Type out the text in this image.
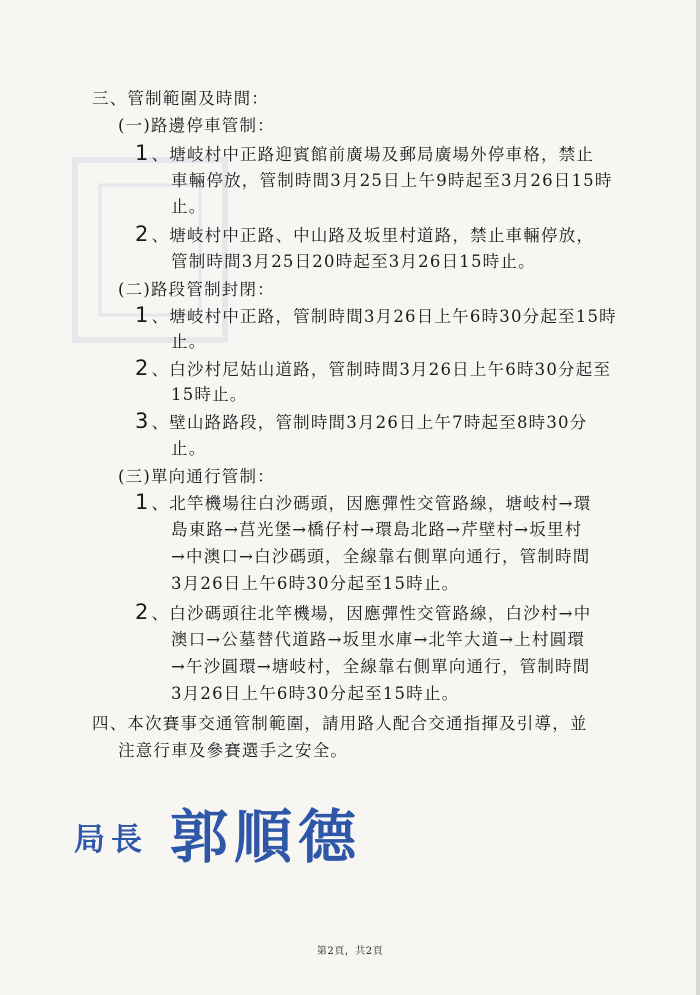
三、管制範圍及時間：
(一)路邊停車管制：
1 、塘岐村中正路迎賓館前廣場及郵局廣場外停車格，禁止
車輛停放，管制時間3月25日上午9時起至3月26日15時
止。
2 、塘岐村中正路、中山路及坂里村道路，禁止車輛停放，
管制時間3月25日20時起至3月26日15時止。
(二)路段管制封閉：
1 、塘岐村中正路，管制時間3月26日上午6時30分起至15時
止。
2 、白沙村尼姑山道路，管制時間3月26日上午6時30分起至
15時止。
3 、壁山路路段，管制時間3月26日上午7時起至8時30分
止。
(三)單向通行管制：
1 、北竿機場往白沙碼頭，因應彈性交管路線，塘岐村→環
島東路→莒光堡→橋仔村→環島北路→芹壁村→坂里村
→中澳口→白沙碼頭，全線靠右側單向通行，管制時間
3月26日上午6時30分起至15時止。
2 、白沙碼頭往北竿機場，因應彈性交管路線，白沙村→中
澳口→公墓替代道路→坂里水庫→北竿大道→上村圓環
→午沙圓環→塘岐村，全線靠右側單向通行，管制時間
3月26日上午6時30分起至15時止。
四、本次賽事交通管制範圍，請用路人配合交通指揮及引導，並
注意行車及參賽選手之安全。
局長 郭順德
第2頁，共2頁
